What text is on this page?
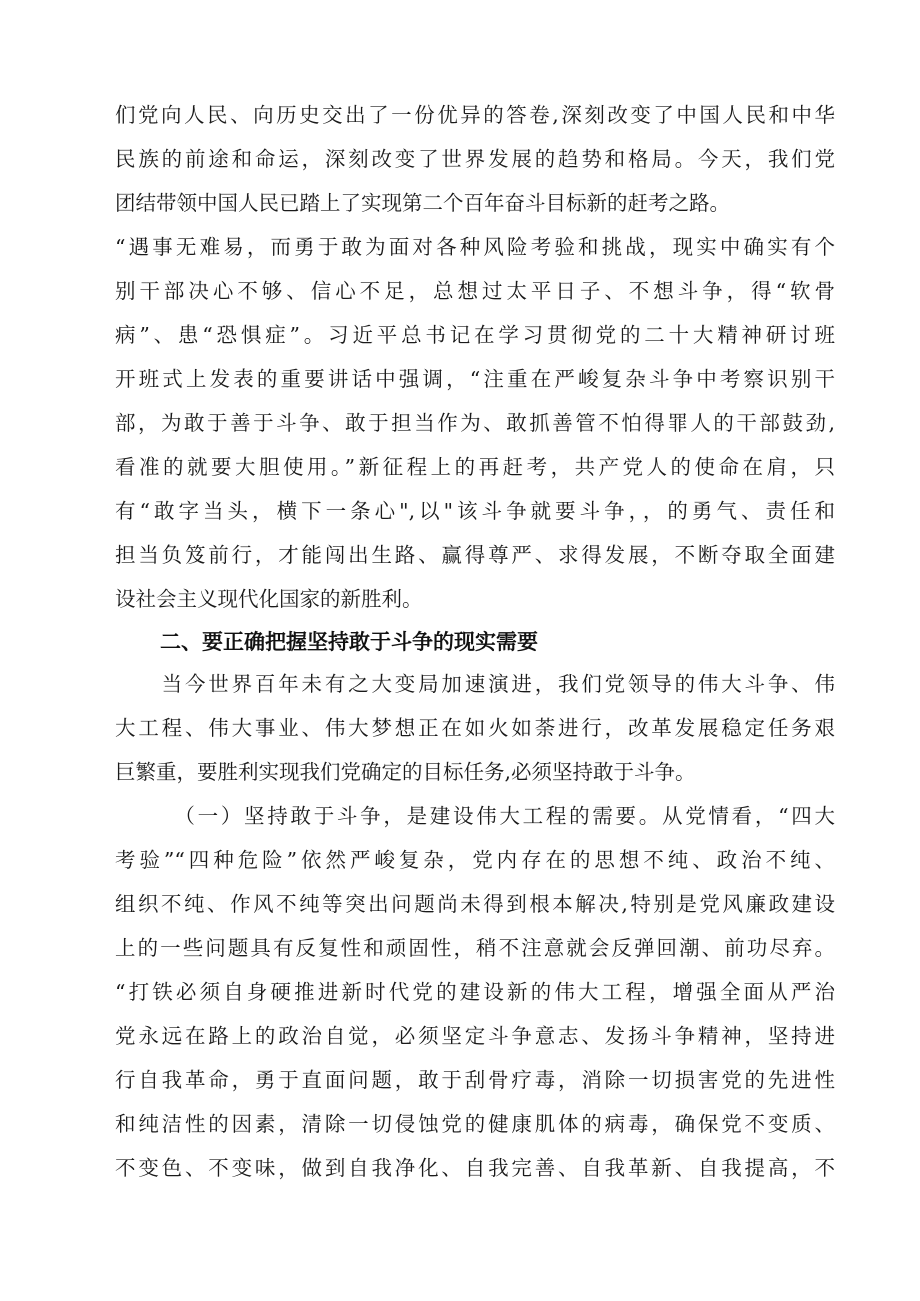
们党向人民、向历史交出了一份优异的答卷,深刻改变了中国人民和中华
民族的前途和命运，深刻改变了世界发展的趋势和格局。今天，我们党
团结带领中国人民已踏上了实现第二个百年奋斗目标新的赶考之路。
“遇事无难易，而勇于敢为面对各种风险考验和挑战，现实中确实有个
别干部决心不够、信心不足，总想过太平日子、不想斗争，得“软骨
病”、患“恐惧症”。习近平总书记在学习贯彻党的二十大精神研讨班
开班式上发表的重要讲话中强调，“注重在严峻复杂斗争中考察识别干
部，为敢于善于斗争、敢于担当作为、敢抓善管不怕得罪人的干部鼓劲,
看准的就要大胆使用。”新征程上的再赶考，共产党人的使命在肩，只
有“敢字当头，横下一条心",以"该斗争就要斗争，，的勇气、责任和
担当负笈前行，才能闯出生路、赢得尊严、求得发展，不断夺取全面建
设社会主义现代化国家的新胜利。
二、要正确把握坚持敢于斗争的现实需要
　　当今世界百年未有之大变局加速演进，我们党领导的伟大斗争、伟
大工程、伟大事业、伟大梦想正在如火如荼进行，改革发展稳定任务艰
巨繁重，要胜利实现我们党确定的目标任务,必须坚持敢于斗争。
　　　（一）坚持敢于斗争，是建设伟大工程的需要。从党情看，“四大
考验”“四种危险”依然严峻复杂，党内存在的思想不纯、政治不纯、
组织不纯、作风不纯等突出问题尚未得到根本解决,特别是党风廉政建设
上的一些问题具有反复性和顽固性，稍不注意就会反弹回潮、前功尽弃。
“打铁必须自身硬推进新时代党的建设新的伟大工程，增强全面从严治
党永远在路上的政治自觉，必须坚定斗争意志、发扬斗争精神，坚持进
行自我革命，勇于直面问题，敢于刮骨疗毒，消除一切损害党的先进性
和纯洁性的因素，清除一切侵蚀党的健康肌体的病毒，确保党不变质、
不变色、不变味，做到自我净化、自我完善、自我革新、自我提高，不
